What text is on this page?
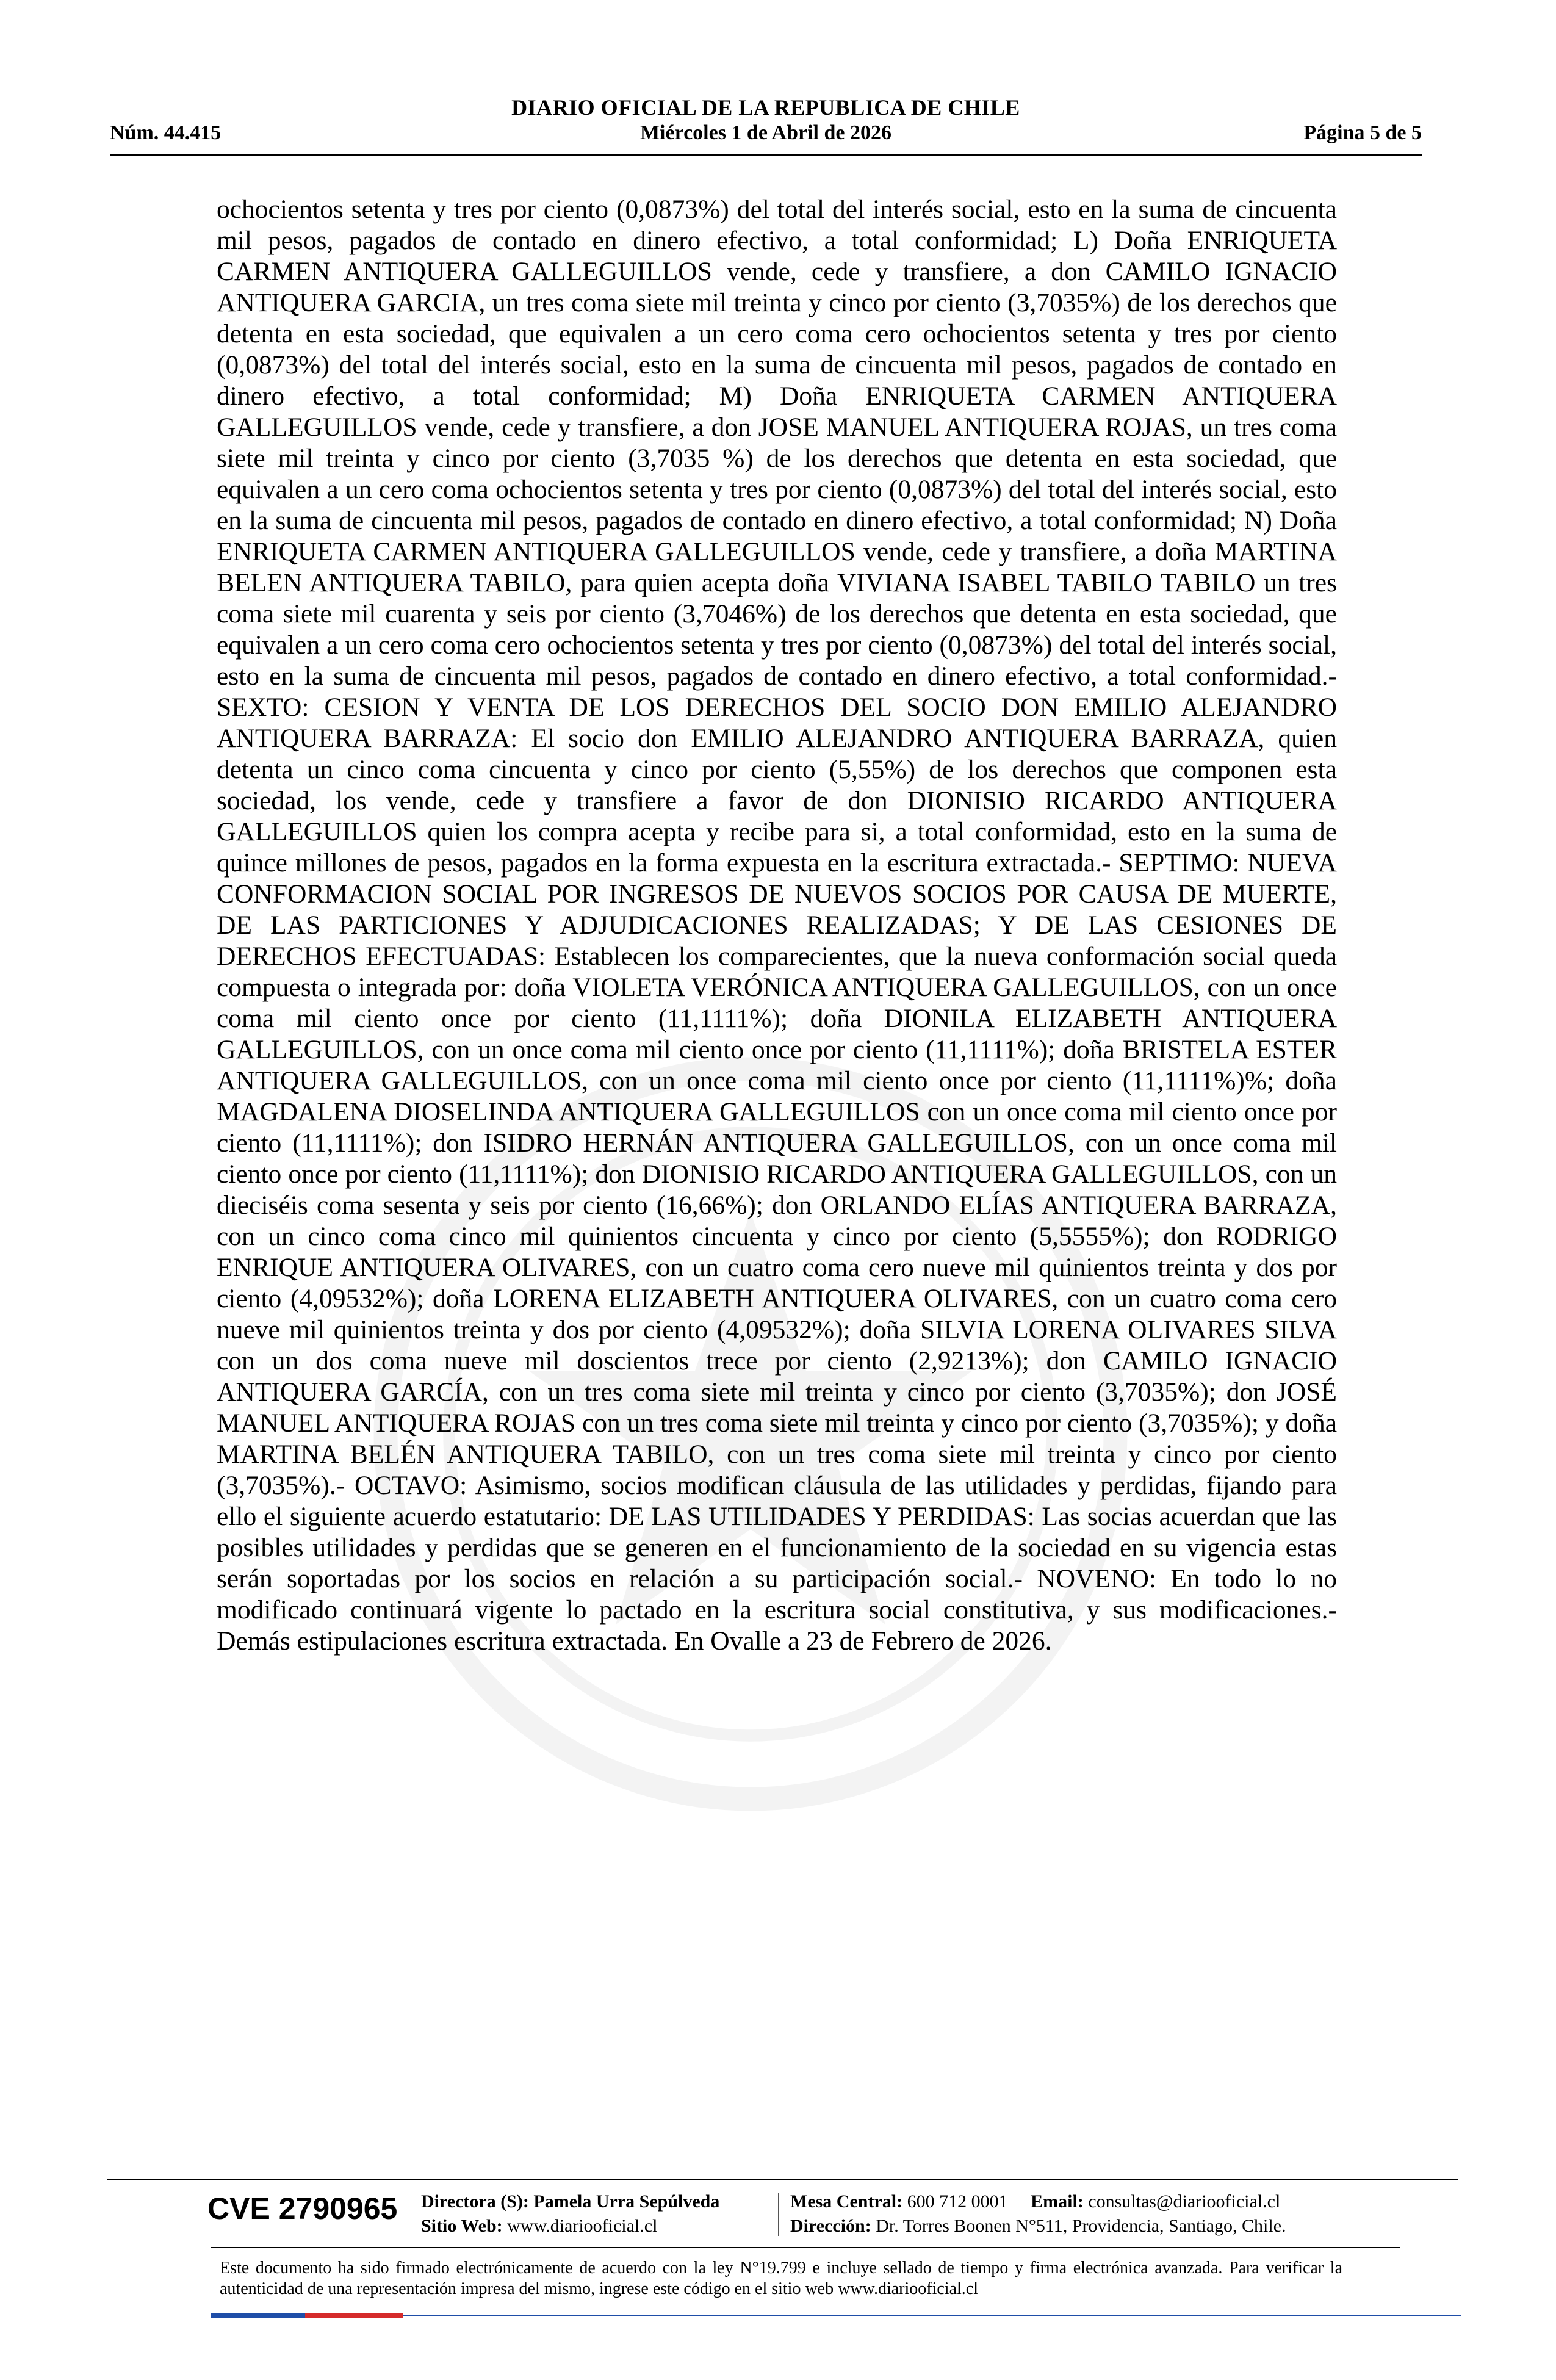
DIARIO OFICIAL DE LA REPUBLICA DE CHILE
Miércoles 1 de Abril de 2026
Núm. 44.415	Página 5 de 5
ochocientos setenta y tres por ciento (0,0873%) del total del interés social, esto en la suma de cincuenta mil pesos, pagados de contado en dinero efectivo, a total conformidad; L) Doña ENRIQUETA CARMEN ANTIQUERA GALLEGUILLOS vende, cede y transfiere, a don CAMILO IGNACIO ANTIQUERA GARCIA, un tres coma siete mil treinta y cinco por ciento (3,7035%) de los derechos que detenta en esta sociedad, que equivalen a un cero coma cero ochocientos setenta y tres por ciento (0,0873%) del total del interés social, esto en la suma de cincuenta mil pesos, pagados de contado en dinero efectivo, a total conformidad; M) Doña ENRIQUETA CARMEN ANTIQUERA GALLEGUILLOS vende, cede y transfiere, a don JOSE MANUEL ANTIQUERA ROJAS, un tres coma siete mil treinta y cinco por ciento (3,7035 %) de los derechos que detenta en esta sociedad, que equivalen a un cero coma ochocientos setenta y tres por ciento (0,0873%) del total del interés social, esto en la suma de cincuenta mil pesos, pagados de contado en dinero efectivo, a total conformidad; N) Doña ENRIQUETA CARMEN ANTIQUERA GALLEGUILLOS vende, cede y transfiere, a doña MARTINA BELEN ANTIQUERA TABILO, para quien acepta doña VIVIANA ISABEL TABILO TABILO un tres coma siete mil cuarenta y seis por ciento (3,7046%) de los derechos que detenta en esta sociedad, que equivalen a un cero coma cero ochocientos setenta y tres por ciento (0,0873%) del total del interés social, esto en la suma de cincuenta mil pesos, pagados de contado en dinero efectivo, a total conformidad.- SEXTO: CESION Y VENTA DE LOS DERECHOS DEL SOCIO DON EMILIO ALEJANDRO ANTIQUERA BARRAZA: El socio don EMILIO ALEJANDRO ANTIQUERA BARRAZA, quien detenta un cinco coma cincuenta y cinco por ciento (5,55%) de los derechos que componen esta sociedad, los vende, cede y transfiere a favor de don DIONISIO RICARDO ANTIQUERA GALLEGUILLOS quien los compra acepta y recibe para si, a total conformidad, esto en la suma de quince millones de pesos, pagados en la forma expuesta en la escritura extractada.- SEPTIMO: NUEVA CONFORMACION SOCIAL POR INGRESOS DE NUEVOS SOCIOS POR CAUSA DE MUERTE, DE LAS PARTICIONES Y ADJUDICACIONES REALIZADAS; Y DE LAS CESIONES DE DERECHOS EFECTUADAS: Establecen los comparecientes, que la nueva conformación social queda compuesta o integrada por: doña VIOLETA VERÓNICA ANTIQUERA GALLEGUILLOS, con un once coma mil ciento once por ciento (11,1111%); doña DIONILA ELIZABETH ANTIQUERA GALLEGUILLOS, con un once coma mil ciento once por ciento (11,1111%); doña BRISTELA ESTER ANTIQUERA GALLEGUILLOS, con un once coma mil ciento once por ciento (11,1111%)%; doña MAGDALENA DIOSELINDA ANTIQUERA GALLEGUILLOS con un once coma mil ciento once por ciento (11,1111%); don ISIDRO HERNÁN ANTIQUERA GALLEGUILLOS, con un once coma mil ciento once por ciento (11,1111%); don DIONISIO RICARDO ANTIQUERA GALLEGUILLOS, con un dieciséis coma sesenta y seis por ciento (16,66%); don ORLANDO ELÍAS ANTIQUERA BARRAZA, con un cinco coma cinco mil quinientos cincuenta y cinco por ciento (5,5555%); don RODRIGO ENRIQUE ANTIQUERA OLIVARES, con un cuatro coma cero nueve mil quinientos treinta y dos por ciento (4,09532%); doña LORENA ELIZABETH ANTIQUERA OLIVARES, con un cuatro coma cero nueve mil quinientos treinta y dos por ciento (4,09532%); doña SILVIA LORENA OLIVARES SILVA con un dos coma nueve mil doscientos trece por ciento (2,9213%); don CAMILO IGNACIO ANTIQUERA GARCÍA, con un tres coma siete mil treinta y cinco por ciento (3,7035%); don JOSÉ MANUEL ANTIQUERA ROJAS con un tres coma siete mil treinta y cinco por ciento (3,7035%); y doña MARTINA BELÉN ANTIQUERA TABILO, con un tres coma siete mil treinta y cinco por ciento (3,7035%).- OCTAVO: Asimismo, socios modifican cláusula de las utilidades y perdidas, fijando para ello el siguiente acuerdo estatutario: DE LAS UTILIDADES Y PERDIDAS: Las socias acuerdan que las posibles utilidades y perdidas que se generen en el funcionamiento de la sociedad en su vigencia estas serán soportadas por los socios en relación a su participación social.- NOVENO: En todo lo no modificado continuará vigente lo pactado en la escritura social constitutiva, y sus modificaciones.- Demás estipulaciones escritura extractada. En Ovalle a 23 de Febrero de 2026.
CVE 2790965 Directora (S): Pamela Urra Sepúlveda
Sitio Web: www.diariooficial.cl
Mesa Central: 600 712 0001 Email: consultas@diariooficial.cl
Dirección: Dr. Torres Boonen N°511, Providencia, Santiago, Chile.
Este documento ha sido firmado electrónicamente de acuerdo con la ley N°19.799 e incluye sellado de tiempo y firma electrónica avanzada. Para verificar la autenticidad de una representación impresa del mismo, ingrese este código en el sitio web www.diariooficial.cl
